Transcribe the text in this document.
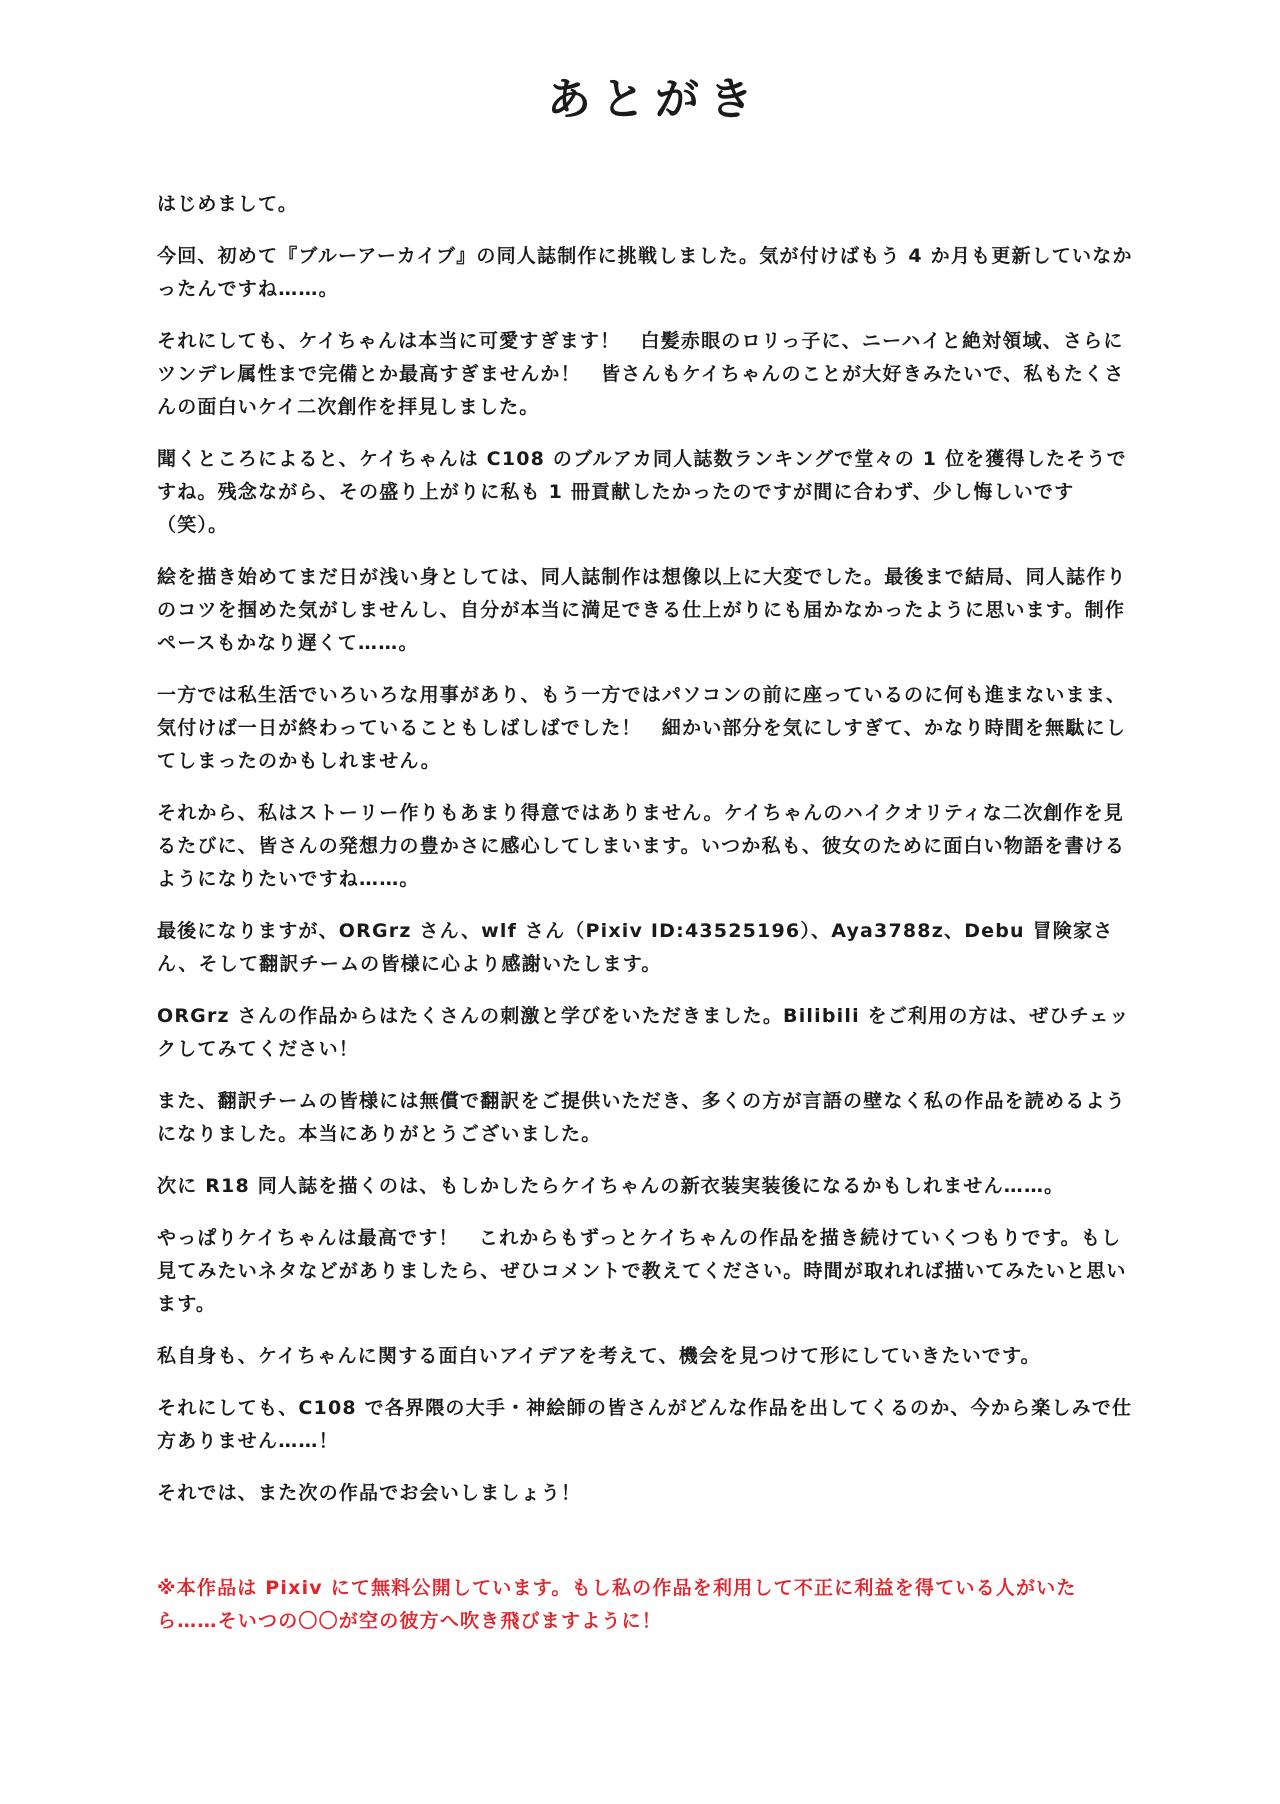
あとがき

はじめまして。

今回、初めて『ブルーアーカイブ』の同人誌制作に挑戦しました。気が付けばもう 4 か月も更新していなかったんですね……。

それにしても、ケイちゃんは本当に可愛すぎます！　白髪赤眼のロリっ子に、ニーハイと絶対領域、さらにツンデレ属性まで完備とか最高すぎませんか！　皆さんもケイちゃんのことが大好きみたいで、私もたくさんの面白いケイ二次創作を拝見しました。

聞くところによると、ケイちゃんは C108 のブルアカ同人誌数ランキングで堂々の 1 位を獲得したそうですね。残念ながら、その盛り上がりに私も 1 冊貢献したかったのですが間に合わず、少し悔しいです（笑）。

絵を描き始めてまだ日が浅い身としては、同人誌制作は想像以上に大変でした。最後まで結局、同人誌作りのコツを掴めた気がしませんし、自分が本当に満足できる仕上がりにも届かなかったように思います。制作ペースもかなり遅くて……。

一方では私生活でいろいろな用事があり、もう一方ではパソコンの前に座っているのに何も進まないまま、気付けば一日が終わっていることもしばしばでした！　細かい部分を気にしすぎて、かなり時間を無駄にしてしまったのかもしれません。

それから、私はストーリー作りもあまり得意ではありません。ケイちゃんのハイクオリティな二次創作を見るたびに、皆さんの発想力の豊かさに感心してしまいます。いつか私も、彼女のために面白い物語を書けるようになりたいですね……。

最後になりますが、ORGrz さん、wlf さん（Pixiv ID:43525196）、Aya3788z、Debu 冒険家さん、そして翻訳チームの皆様に心より感謝いたします。

ORGrz さんの作品からはたくさんの刺激と学びをいただきました。Bilibili をご利用の方は、ぜひチェックしてみてください！

また、翻訳チームの皆様には無償で翻訳をご提供いただき、多くの方が言語の壁なく私の作品を読めるようになりました。本当にありがとうございました。

次に R18 同人誌を描くのは、もしかしたらケイちゃんの新衣装実装後になるかもしれません……。

やっぱりケイちゃんは最高です！　これからもずっとケイちゃんの作品を描き続けていくつもりです。もし見てみたいネタなどがありましたら、ぜひコメントで教えてください。時間が取れれば描いてみたいと思います。

私自身も、ケイちゃんに関する面白いアイデアを考えて、機会を見つけて形にしていきたいです。

それにしても、C108 で各界隈の大手・神絵師の皆さんがどんな作品を出してくるのか、今から楽しみで仕方ありません……！

それでは、また次の作品でお会いしましょう！

※本作品は Pixiv にて無料公開しています。もし私の作品を利用して不正に利益を得ている人がいたら……そいつの〇〇が空の彼方へ吹き飛びますように！
